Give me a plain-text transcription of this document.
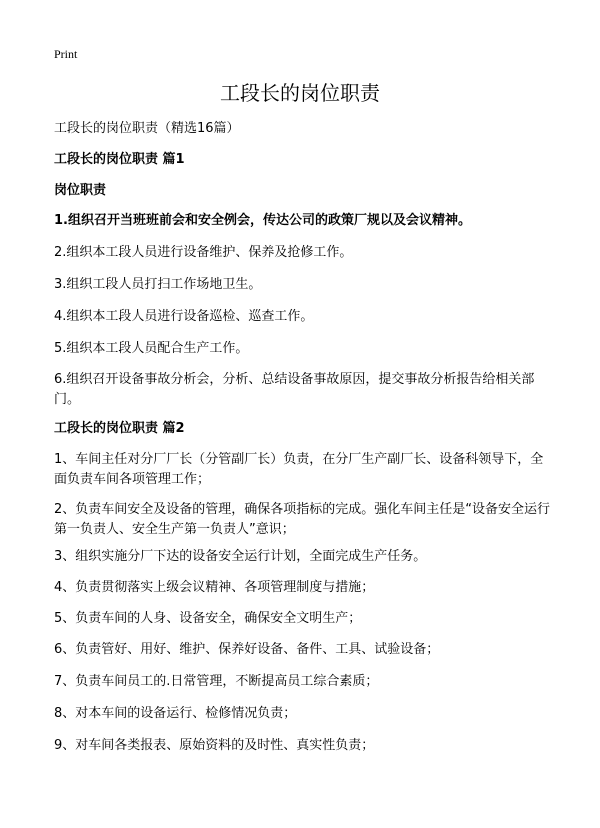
Print
工段长的岗位职责
工段长的岗位职责（精选16篇）
工段长的岗位职责 篇1
岗位职责

1.组织召开当班班前会和安全例会，传达公司的政策厂规以及会议精神。

2.组织本工段人员进行设备维护、保养及抢修工作。

3.组织工段人员打扫工作场地卫生。

4.组织本工段人员进行设备巡检、巡查工作。

5.组织本工段人员配合生产工作。

6.组织召开设备事故分析会，分析、总结设备事故原因，提交事故分析报告给相关部门。

工段长的岗位职责 篇2

1、车间主任对分厂厂长（分管副厂长）负责，在分厂生产副厂长、设备科领导下，全面负责车间各项管理工作；

2、负责车间安全及设备的管理，确保各项指标的完成。强化车间主任是“设备安全运行第一负责人、安全生产第一负责人”意识；

3、组织实施分厂下达的设备安全运行计划，全面完成生产任务。

4、负责贯彻落实上级会议精神、各项管理制度与措施；

5、负责车间的人身、设备安全，确保安全文明生产；

6、负责管好、用好、维护、保养好设备、备件、工具、试验设备；

7、负责车间员工的.日常管理，不断提高员工综合素质；

8、对本车间的设备运行、检修情况负责；

9、对车间各类报表、原始资料的及时性、真实性负责；
